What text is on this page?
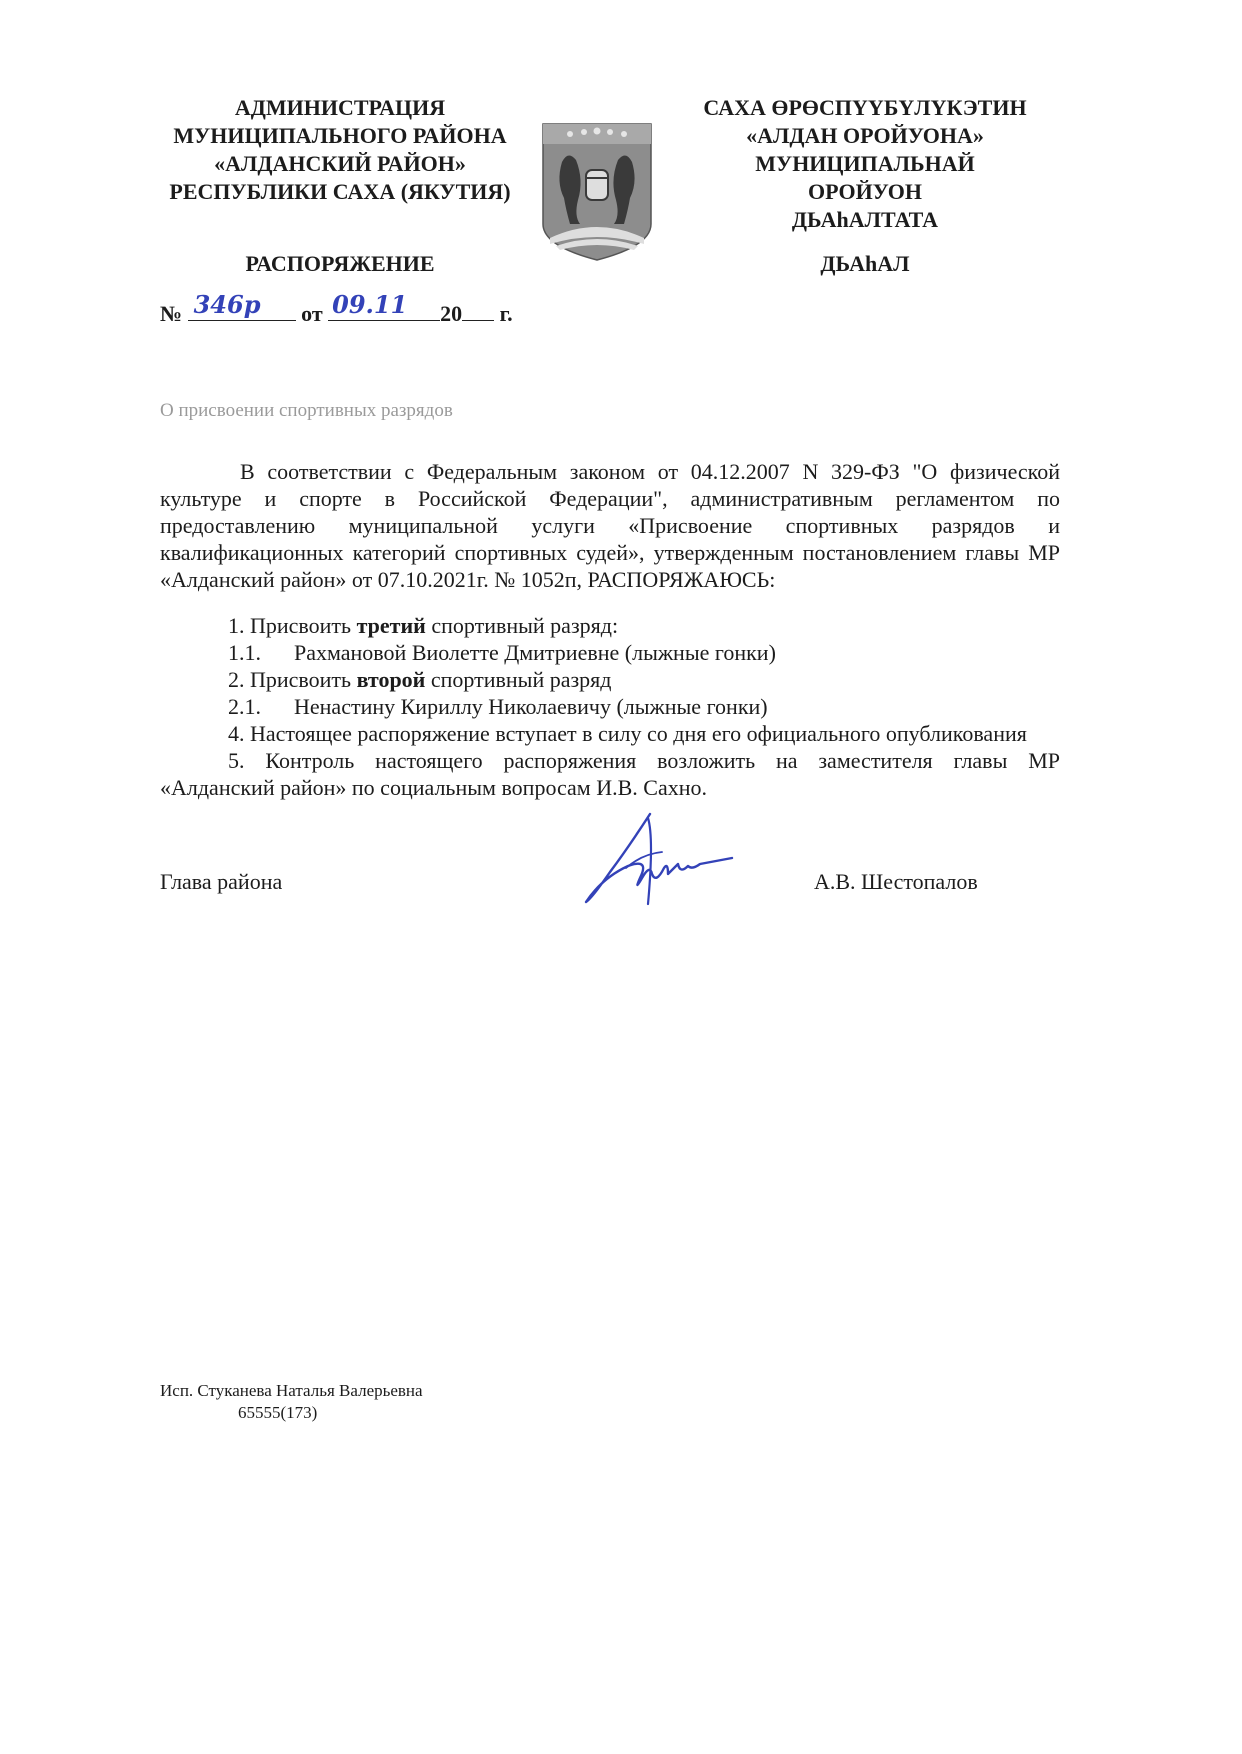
АДМИНИСТРАЦИЯ
МУНИЦИПАЛЬНОГО РАЙОНА
«АЛДАНСКИЙ РАЙОН»
РЕСПУБЛИКИ САХА (ЯКУТИЯ)
РАСПОРЯЖЕНИЕ
САХА ӨРӨСПҮҮБҮЛҮКЭТИН
«АЛДАН ОРОЙУОНА»
МУНИЦИПАЛЬНАЙ
ОРОЙУОН
ДЬАhАЛТАТА
ДЬАhАЛ
№ 346р от 09.11 20 г.
О присвоении спортивных разрядов
В соответствии с Федеральным законом от 04.12.2007 N 329-ФЗ "О физической
культуре и спорте в Российской Федерации", административным регламентом по
предоставлению муниципальной услуги «Присвоение спортивных разрядов и
квалификационных категорий спортивных судей», утвержденным постановлением главы МР
«Алданский район» от 07.10.2021г. № 1052п, РАСПОРЯЖАЮСЬ:
1. Присвоить третий спортивный разряд:
1.1. Рахмановой Виолетте Дмитриевне (лыжные гонки)
2. Присвоить второй спортивный разряд
2.1. Ненастину Кириллу Николаевичу (лыжные гонки)
4. Настоящее распоряжение вступает в силу со дня его официального опубликования
5. Контроль настоящего распоряжения возложить на заместителя главы МР
«Алданский район» по социальным вопросам И.В. Сахно.
Глава района	А.В. Шестопалов
Исп. Стуканева Наталья Валерьевна
65555(173)
